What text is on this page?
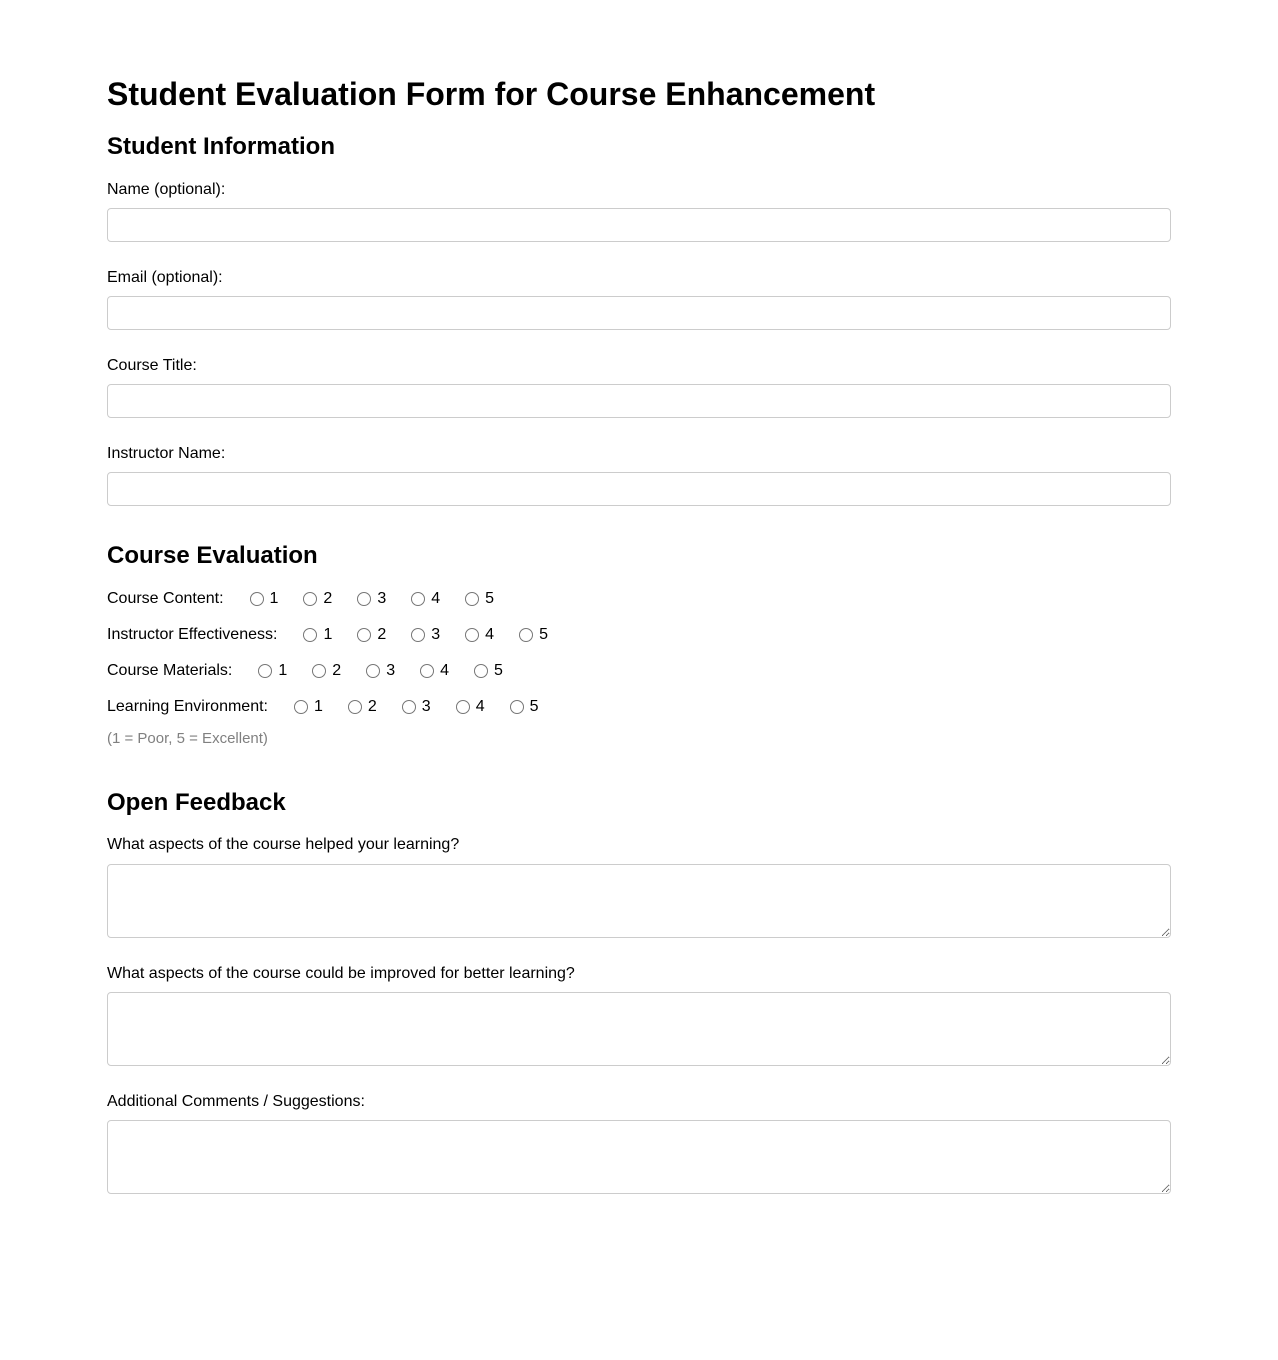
Student Evaluation Form for Course Enhancement
Student Information
Name (optional):
Email (optional):
Course Title:
Instructor Name:
Course Evaluation
Course Content:	1	2	3	4	5
Instructor Effectiveness:	1	2	3	4	5
Course Materials:	1	2	3	4	5
Learning Environment:	1	2	3	4	5

(1 = Poor, 5 = Excellent)

Open Feedback
What aspects of the course helped your learning?
What aspects of the course could be improved for better learning?
Additional Comments / Suggestions:
